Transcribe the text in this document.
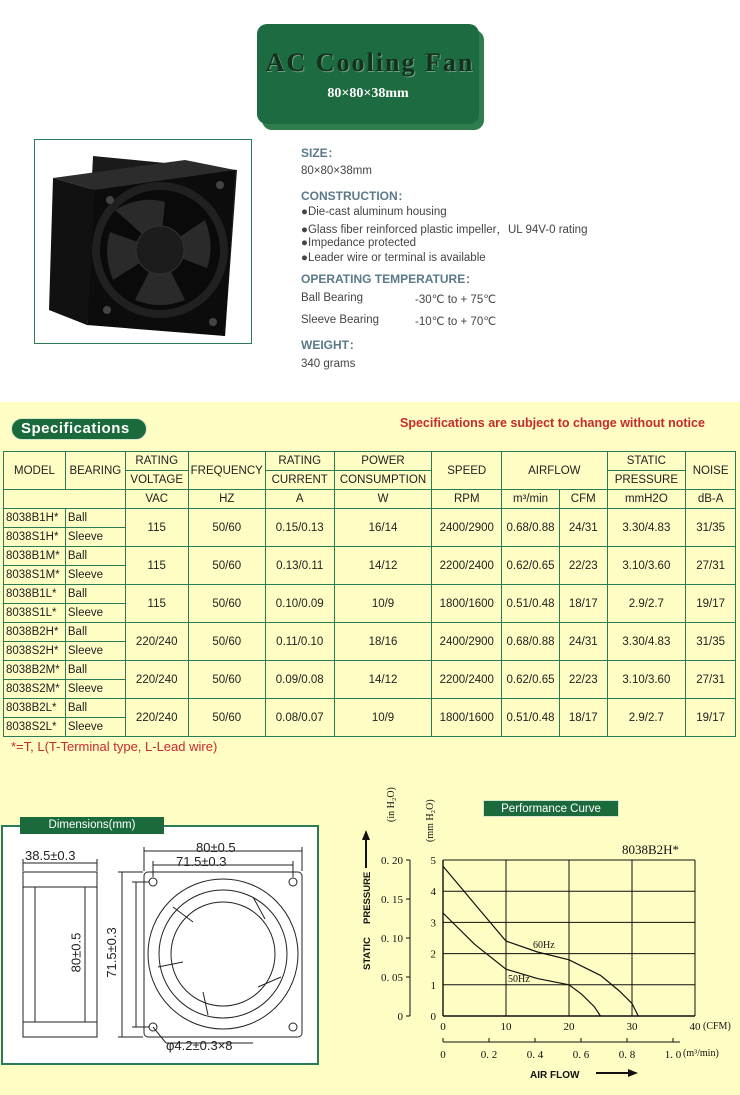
AC Cooling Fan
80×80×38mm
SIZE：
80×80×38mm
CONSTRUCTION：
●Die-cast aluminum housing
●Glass fiber reinforced plastic impeller，UL 94V-0 rating
●Impedance protected
●Leader wire or terminal is available
OPERATING TEMPERATURE：
Ball Bearing	-30℃ to + 75℃
Sleeve Bearing	-10℃ to + 70℃
WEIGHT：
340 grams
Specifications	Specifications are subject to change without notice
MODEL	BEARING	RATING	FREQUENCY	RATING	POWER	SPEED	AIRFLOW		STATIC	NOISE
		VOLTAGE		CURRENT	CONSUMPTION				PRESSURE	
		VAC	HZ	A	W	RPM	m³/min	CFM	mmH2O	dB-A
8038B1H*	Ball	115	50/60	0.15/0.13	16/14	2400/2900	0.68/0.88	24/31	3.30/4.83	31/35
8038S1H*	Sleeve									
8038B1M*	Ball	115	50/60	0.13/0.11	14/12	2200/2400	0.62/0.65	22/23	3.10/3.60	27/31
8038S1M*	Sleeve									
8038B1L*	Ball	115	50/60	0.10/0.09	10/9	1800/1600	0.51/0.48	18/17	2.9/2.7	19/17
8038S1L*	Sleeve									
8038B2H*	Ball	220/240	50/60	0.11/0.10	18/16	2400/2900	0.68/0.88	24/31	3.30/4.83	31/35
8038S2H*	Sleeve									
8038B2M*	Ball	220/240	50/60	0.09/0.08	14/12	2200/2400	0.62/0.65	22/23	3.10/3.60	27/31
8038S2M*	Sleeve									
8038B2L*	Ball	220/240	50/60	0.08/0.07	10/9	1800/1600	0.51/0.48	18/17	2.9/2.7	19/17
8038S2L*	Sleeve									
*=T, L(T-Terminal type, L-Lead wire)
Dimensions(mm)
38.5±0.3
80±0.5
71.5±0.3
80±0.5 71.5±0.3
φ4.2±0.3×8
Performance Curve
8038B2H*
(in H₂O)	(mm H₂O)
STATIC
PRESSURE
AIR FLOW
(CFM)
(m³/min)
0. 20
0. 15
0. 10
0. 05
0
5
4
3
2
1
0
0	10	20	30	40
0	0. 2	0. 4	0. 6	0. 8	1. 0
60Hz
50Hz
